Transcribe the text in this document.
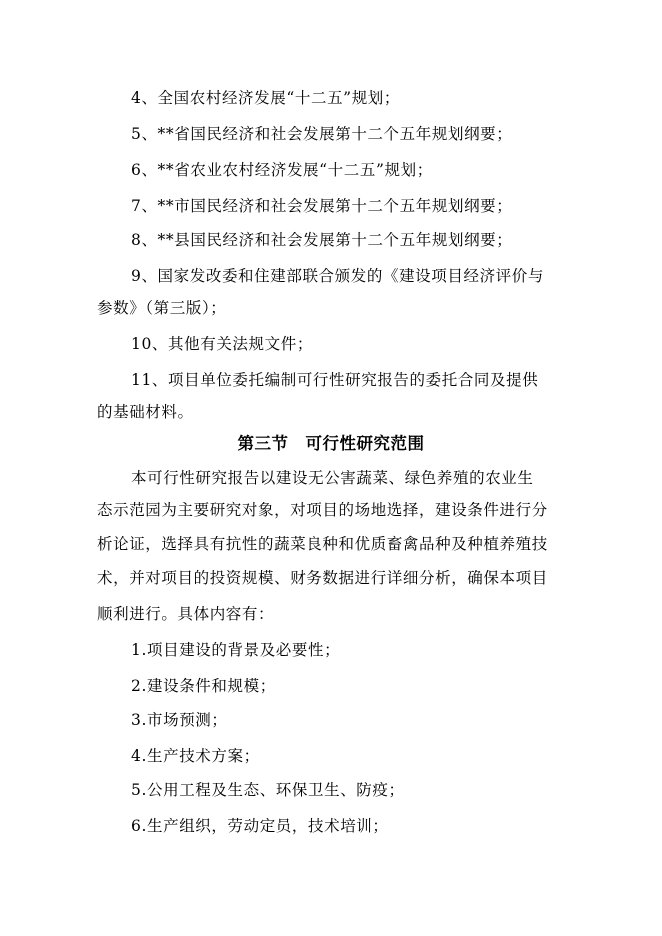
4、全国农村经济发展“十二五”规划；
5、**省国民经济和社会发展第十二个五年规划纲要；
6、**省农业农村经济发展“十二五”规划；
7、**市国民经济和社会发展第十二个五年规划纲要；
8、**县国民经济和社会发展第十二个五年规划纲要；
9、国家发改委和住建部联合颁发的《建设项目经济评价与
参数》（第三版）；
10、其他有关法规文件；
11、项目单位委托编制可行性研究报告的委托合同及提供
的基础材料。
第三节　可行性研究范围
本可行性研究报告以建设无公害蔬菜、绿色养殖的农业生
态示范园为主要研究对象，对项目的场地选择，建设条件进行分
析论证，选择具有抗性的蔬菜良种和优质畜禽品种及种植养殖技
术，并对项目的投资规模、财务数据进行详细分析，确保本项目
顺利进行。具体内容有：
1.项目建设的背景及必要性；
2.建设条件和规模；
3.市场预测；
4.生产技术方案；
5.公用工程及生态、环保卫生、防疫；
6.生产组织，劳动定员，技术培训；
